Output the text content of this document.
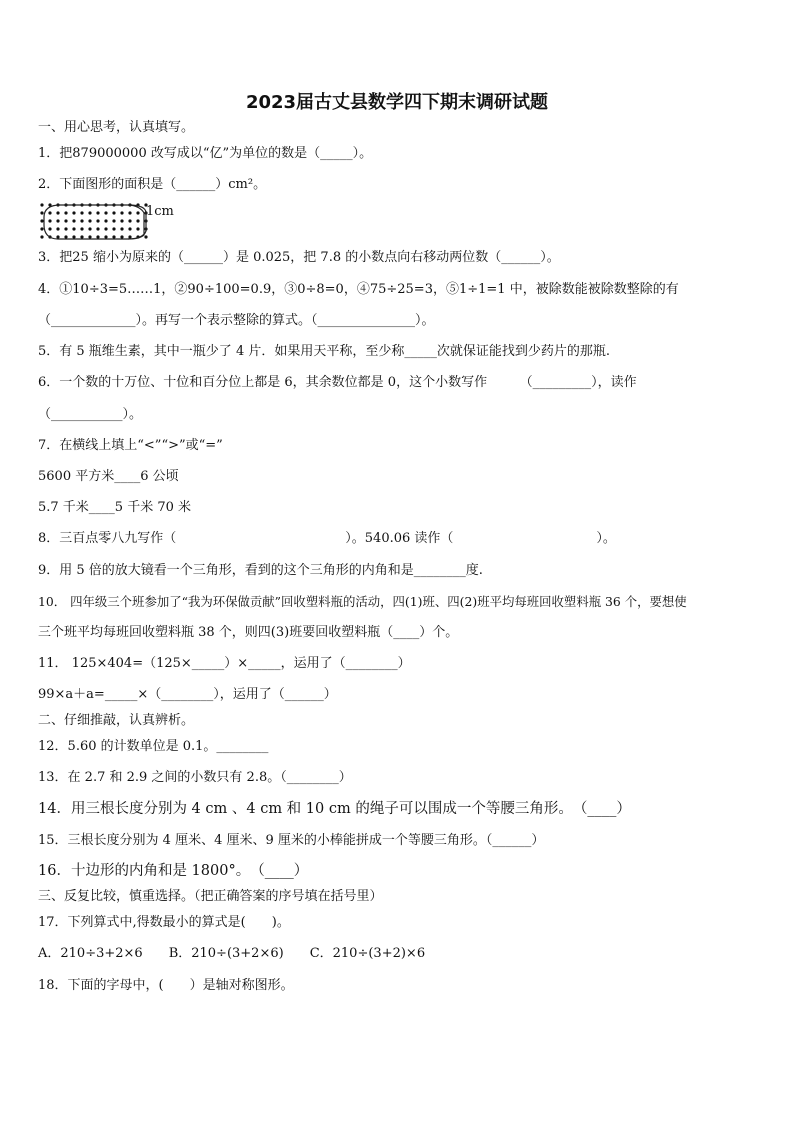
2023届古丈县数学四下期末调研试题
一、用心思考，认真填写。
1．把879000000 改写成以“亿”为单位的数是（_____）。
2．下面图形的面积是（______）cm²。
1cm
3．把25 缩小为原来的（______）是 0.025，把 7.8 的小数点向右移动两位数（______）。
4．①10÷3=5……1，②90÷100=0.9，③0÷8=0，④75÷25=3，⑤1÷1=1 中，被除数能被除数整除的有
（_____________）。再写一个表示整除的算式。（_______________）。
5．有 5 瓶维生素，其中一瓶少了 4 片．如果用天平称，至少称_____次就保证能找到少药片的那瓶.
6．一个数的十万位、十位和百分位上都是 6，其余数位都是 0，这个小数写作　　　（_________），读作
（___________）。
7．在横线上填上“<”“>”或“=”
5600 平方米____6 公顷
5.7 千米____5 千米 70 米
8．三百点零八九写作（　　　　　　　　　　　　　）。540.06 读作（　　　　　　　　　　　）。
9．用 5 倍的放大镜看一个三角形，看到的这个三角形的内角和是________度.
10． 四年级三个班参加了“我为环保做贡献”回收塑料瓶的活动，四(1)班、四(2)班平均每班回收塑料瓶 36 个，要想使
三个班平均每班回收塑料瓶 38 个，则四(3)班要回收塑料瓶（____）个。
11． 125×404=（125×_____）×_____，运用了（________）
99×a＋a=_____×（________），运用了（______）
二、仔细推敲，认真辨析。
12．5.60 的计数单位是 0.1。________
13．在 2.7 和 2.9 之间的小数只有 2.8。（________）
14．用三根长度分别为 4 cm 、4 cm 和 10 cm 的绳子可以围成一个等腰三角形。　（____）
15．三根长度分别为 4 厘米、4 厘米、9 厘米的小棒能拼成一个等腰三角形。（______）
16．十边形的内角和是 1800°。　（____）
三、反复比较，慎重选择。（把正确答案的序号填在括号里）
17．下列算式中,得数最小的算式是(　　)。
A．210÷3+2×6　　B．210÷(3+2×6)　　C．210÷(3+2)×6
18．下面的字母中，(　　）是轴对称图形。
